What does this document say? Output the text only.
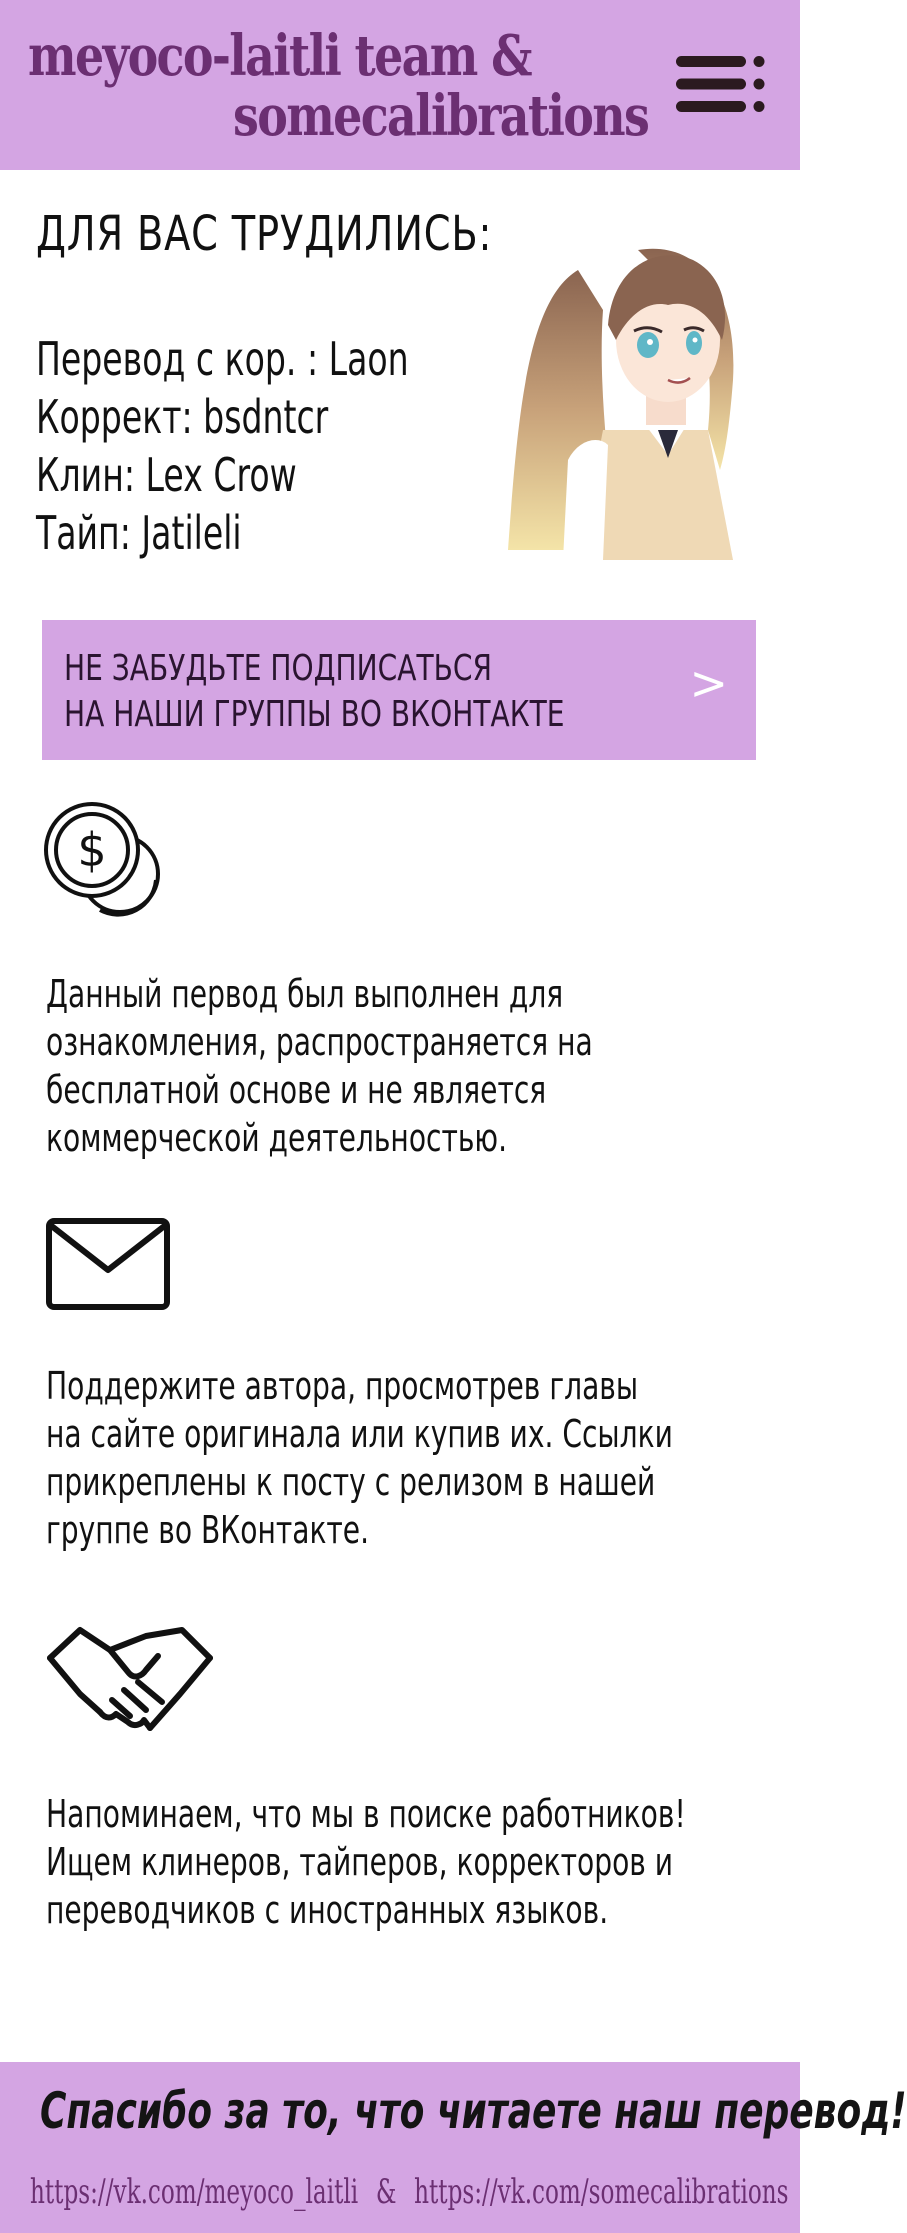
meyoco-laitli team &
somecalibrations
ДЛЯ ВАС ТРУДИЛИСЬ:
Перевод с кор. : Laon
Коррект: bsdntcr
Клин: Lex Crow
Тайп: Jatileli
НЕ ЗАБУДЬТЕ ПОДПИСАТЬСЯ
НА НАШИ ГРУППЫ ВО ВКОНТАКТЕ
>
$

Данный первод был выполнен для
ознакомления, распространяется на
бесплатной основе и не является
коммерческой деятельностью.

Поддержите автора, просмотрев главы
на сайте оригинала или купив их. Ссылки
прикреплены к посту с релизом в нашей
группе во ВКонтакте.

Напоминаем, что мы в поиске работников!
Ищем клинеров, тайперов, корректоров и
переводчиков с иностранных языков.

Спасибо за то, что читаете наш перевод!
https://vk.com/meyoco_laitli & https://vk.com/somecalibrations
